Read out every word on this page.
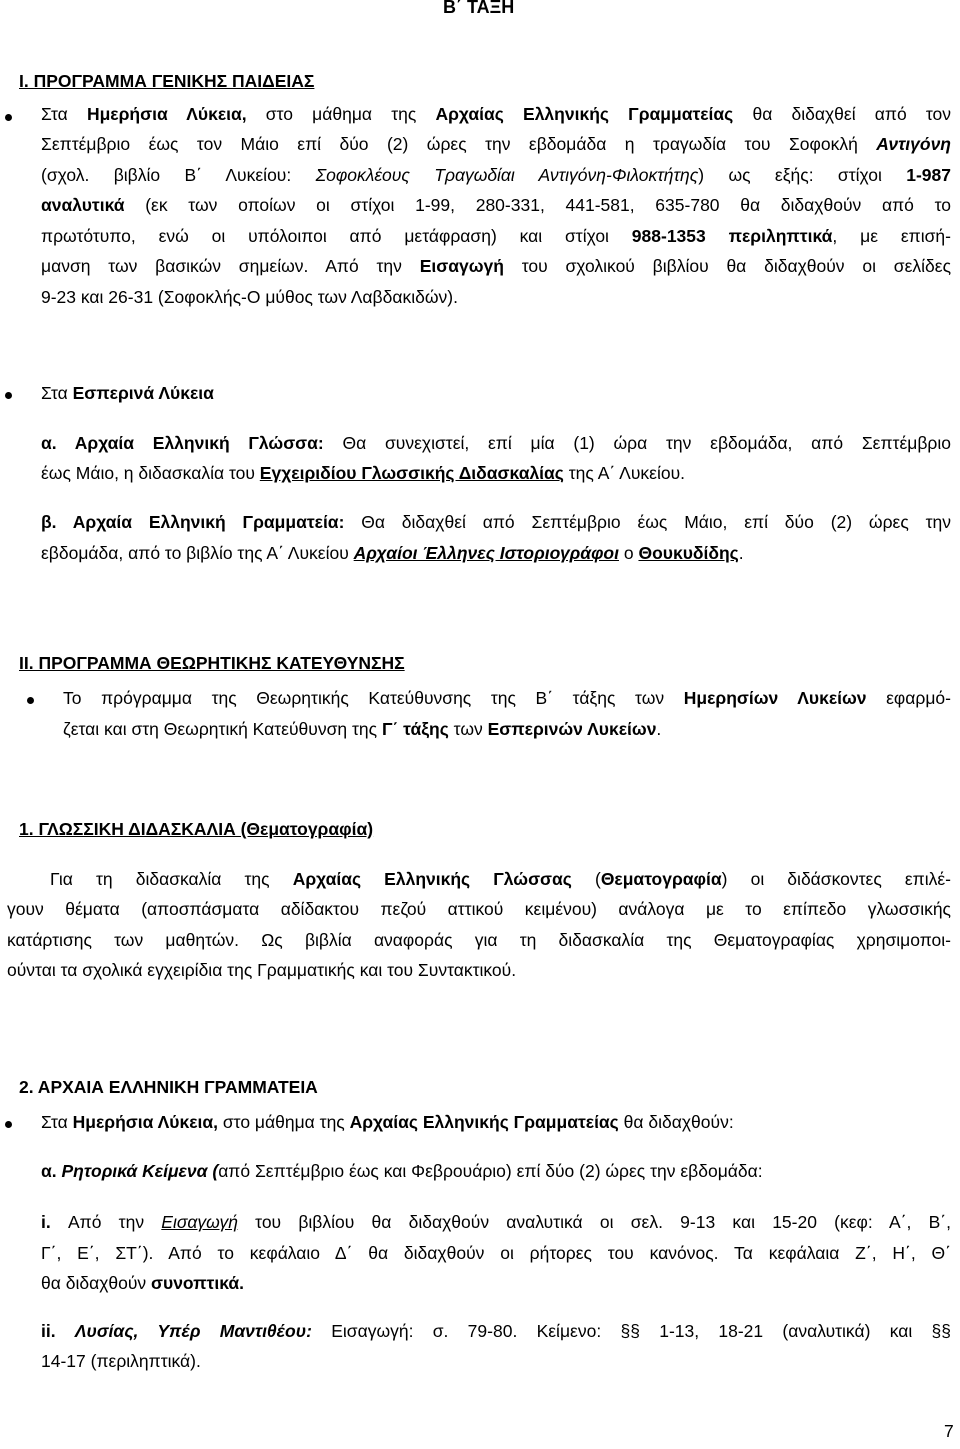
Β΄ ΤΑΞΗ
Ι. ΠΡΟΓΡΑΜΜΑ ΓΕΝΙΚΗΣ ΠΑΙΔΕΙΑΣ
Στα Ημερήσια Λύκεια, στο μάθημα της Αρχαίας Ελληνικής Γραμματείας θα διδαχθεί από τον
Σεπτέμβριο έως τον Μάιο επί δύο (2) ώρες την εβδομάδα η τραγωδία του Σοφοκλή Αντιγόνη
(σχολ. βιβλίο Β΄ Λυκείου: Σοφοκλέους Τραγωδίαι Αντιγόνη-Φιλοκτήτης) ως εξής: στίχοι 1-987
αναλυτικά (εκ των οποίων οι στίχοι 1-99, 280-331, 441-581, 635-780 θα διδαχθούν από το
πρωτότυπο, ενώ οι υπόλοιποι από μετάφραση) και στίχοι 988-1353 περιληπτικά, με επισή-
μανση των βασικών σημείων. Από την Εισαγωγή του σχολικού βιβλίου θα διδαχθούν οι σελίδες
9-23 και 26-31 (Σοφοκλής-Ο μύθος των Λαβδακιδών).
Στα Εσπερινά Λύκεια
α. Αρχαία Ελληνική Γλώσσα: Θα συνεχιστεί, επί μία (1) ώρα την εβδομάδα, από Σεπτέμβριο
έως Μάιο, η διδασκαλία του Εγχειριδίου Γλωσσικής Διδασκαλίας της Α΄ Λυκείου.
β. Αρχαία Ελληνική Γραμματεία: Θα διδαχθεί από Σεπτέμβριο έως Μάιο, επί δύο (2) ώρες την
εβδομάδα, από το βιβλίο της Α΄ Λυκείου Αρχαίοι Έλληνες Ιστοριογράφοι ο Θουκυδίδης.
ΙΙ. ΠΡΟΓΡΑΜΜΑ ΘΕΩΡΗΤΙΚΗΣ ΚΑΤΕΥΘΥΝΣΗΣ
Το πρόγραμμα της Θεωρητικής Κατεύθυνσης της Β΄ τάξης των Ημερησίων Λυκείων εφαρμό-
ζεται και στη Θεωρητική Κατεύθυνση της Γ΄ τάξης των Εσπερινών Λυκείων.
1. ΓΛΩΣΣΙΚΗ ΔΙΔΑΣΚΑΛΙΑ (Θεματογραφία)
Για τη διδασκαλία της Αρχαίας Ελληνικής Γλώσσας (Θεματογραφία) οι διδάσκοντες επιλέ-
γουν θέματα (αποσπάσματα αδίδακτου πεζού αττικού κειμένου) ανάλογα με το επίπεδο γλωσσικής
κατάρτισης των μαθητών. Ως βιβλία αναφοράς για τη διδασκαλία της Θεματογραφίας χρησιμοποι-
ούνται τα σχολικά εγχειρίδια της Γραμματικής και του Συντακτικού.
2. ΑΡΧΑΙΑ ΕΛΛΗΝΙΚΗ ΓΡΑΜΜΑΤΕΙΑ
Στα Ημερήσια Λύκεια, στο μάθημα της Αρχαίας Ελληνικής Γραμματείας θα διδαχθούν:
α. Ρητορικά Κείμενα (από Σεπτέμβριο έως και Φεβρουάριο) επί δύο (2) ώρες την εβδομάδα:
i. Από την Εισαγωγή του βιβλίου θα διδαχθούν αναλυτικά οι σελ. 9-13 και 15-20 (κεφ: Α΄, Β΄,
Γ΄, Ε΄, ΣΤ΄). Από το κεφάλαιο Δ΄ θα διδαχθούν οι ρήτορες του κανόνος. Τα κεφάλαια Ζ΄, Η΄, Θ΄
θα διδαχθούν συνοπτικά.
ii. Λυσίας, Υπέρ Μαντιθέου: Εισαγωγή: σ. 79-80. Κείμενο: §§ 1-13, 18-21 (αναλυτικά) και §§
14-17 (περιληπτικά).
7
